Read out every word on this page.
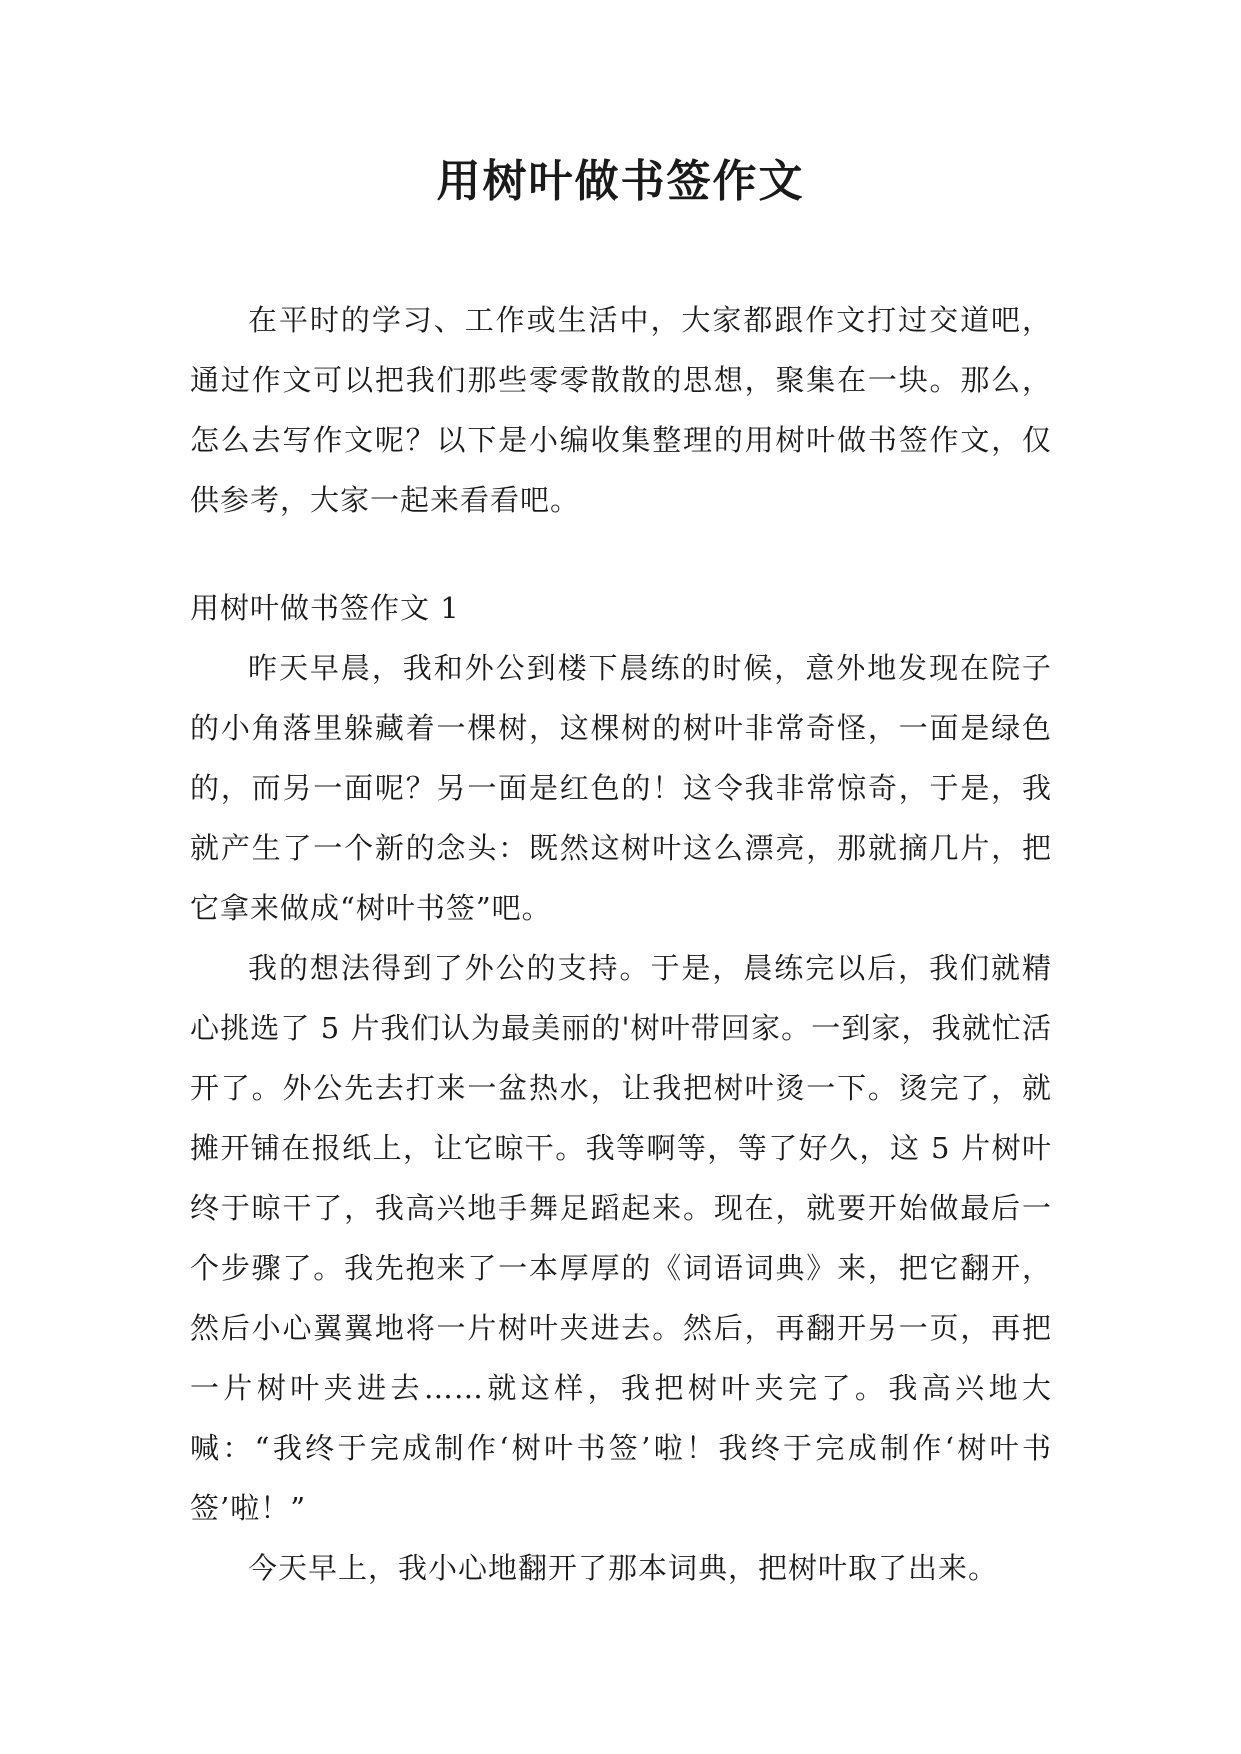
用树叶做书签作文

在平时的学习、工作或生活中，大家都跟作文打过交道吧，通过作文可以把我们那些零零散散的思想，聚集在一块。那么，怎么去写作文呢？以下是小编收集整理的用树叶做书签作文，仅供参考，大家一起来看看吧。

用树叶做书签作文 1

昨天早晨，我和外公到楼下晨练的时候，意外地发现在院子的小角落里躲藏着一棵树，这棵树的树叶非常奇怪，一面是绿色的，而另一面呢？另一面是红色的！这令我非常惊奇，于是，我就产生了一个新的念头：既然这树叶这么漂亮，那就摘几片，把它拿来做成“树叶书签”吧。

我的想法得到了外公的支持。于是，晨练完以后，我们就精心挑选了 5 片我们认为最美丽的'树叶带回家。一到家，我就忙活开了。外公先去打来一盆热水，让我把树叶烫一下。烫完了，就摊开铺在报纸上，让它晾干。我等啊等，等了好久，这 5 片树叶终于晾干了，我高兴地手舞足蹈起来。现在，就要开始做最后一个步骤了。我先抱来了一本厚厚的《词语词典》来，把它翻开，然后小心翼翼地将一片树叶夹进去。然后，再翻开另一页，再把一片树叶夹进去……就这样，我把树叶夹完了。我高兴地大喊：“我终于完成制作‘树叶书签’啦！我终于完成制作‘树叶书签’啦！”

今天早上，我小心地翻开了那本词典，把树叶取了出来。
